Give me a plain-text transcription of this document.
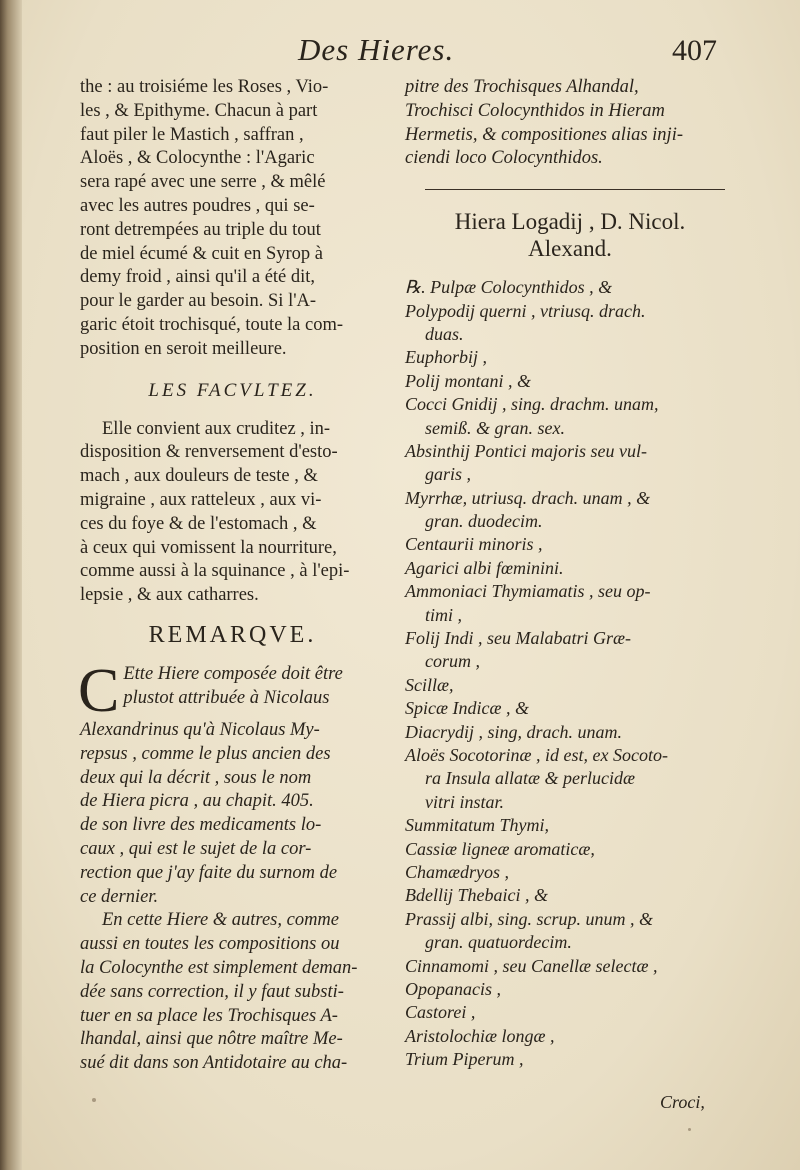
Des Hieres.	407
the : au troisiéme les Roses , Vio-
les , & Epithyme. Chacun à part
faut piler le Mastich , saffran ,
Aloës , & Colocynthe : l'Agaric
sera rapé avec une serre , & mêlé
avec les autres poudres , qui se-
ront detrempées au triple du tout
de miel écumé & cuit en Syrop à
demy froid , ainsi qu'il a été dit,
pour le garder au besoin. Si l'A-
garic étoit trochisqué, toute la com-
position en seroit meilleure.
LES FACVLTEZ.
Elle convient aux cruditez , in-
disposition & renversement d'esto-
mach , aux douleurs de teste , &
migraine , aux ratteleux , aux vi-
ces du foye & de l'estomach , &
à ceux qui vomissent la nourriture,
comme aussi à la squinance , à l'epi-
lepsie , & aux catharres.
REMARQVE.
C Ette Hiere composée doit être
plustot attribuée à Nicolaus
Alexandrinus qu'à Nicolaus My-
repsus , comme le plus ancien des
deux qui la décrit , sous le nom
de Hiera picra , au chapit. 405.
de son livre des medicaments lo-
caux , qui est le sujet de la cor-
rection que j'ay faite du surnom de
ce dernier.
En cette Hiere & autres, comme
aussi en toutes les compositions ou
la Colocynthe est simplement deman-
dée sans correction, il y faut substi-
tuer en sa place les Trochisques A-
lhandal, ainsi que nôtre maître Me-
sué dit dans son Antidotaire au cha-
pitre des Trochisques Alhandal,
Trochisci Colocynthidos in Hieram
Hermetis, & compositiones alias inji-
ciendi loco Colocynthidos.
Hiera Logadij , D. Nicol.
Alexand.
℞. Pulpæ Colocynthidos , &
Polypodij querni , vtriusq. drach.
duas.
Euphorbij ,
Polij montani , &
Cocci Gnidij , sing. drachm. unam,
semiß. & gran. sex.
Absinthij Pontici majoris seu vul-
garis ,
Myrrhæ, utriusq. drach. unam , &
gran. duodecim.
Centaurii minoris ,
Agarici albi fœminini.
Ammoniaci Thymiamatis , seu op-
timi ,
Folij Indi , seu Malabatri Græ-
corum ,
Scillæ,
Spicæ Indicæ , &
Diacrydij , sing, drach. unam.
Aloës Socotorinæ , id est, ex Socoto-
ra Insula allatæ & perlucidæ
vitri instar.
Summitatum Thymi,
Cassiæ ligneæ aromaticæ,
Chamædryos ,
Bdellij Thebaici , &
Prassij albi, sing. scrup. unum , &
gran. quatuordecim.
Cinnamomi , seu Canellæ selectæ ,
Opopanacis ,
Castorei ,
Aristolochiæ longæ ,
Trium Piperum ,
Croci,
